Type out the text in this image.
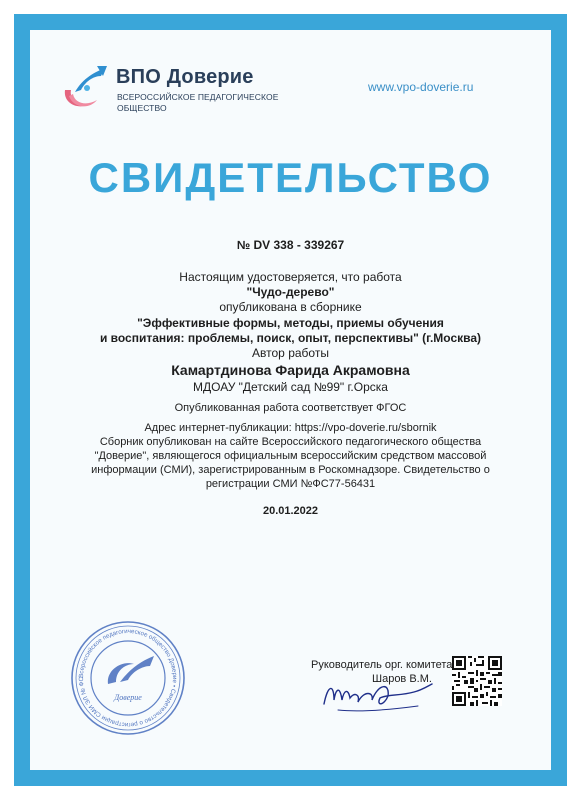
ВПО Доверие
ВСЕРОССИЙСКОЕ ПЕДАГОГИЧЕСКОЕ ОБЩЕСТВО
www.vpo-doverie.ru
СВИДЕТЕЛЬСТВО
№ DV 338 - 339267
Настоящим удостоверяется, что работа
"Чудо-дерево"
опубликована в сборнике
"Эффективные формы, методы, приемы обучения
и воспитания: проблемы, поиск, опыт, перспективы" (г.Москва)
Автор работы
Камартдинова Фарида Акрамовна
МДОАУ "Детский сад №99" г.Орска
Опубликованная работа соответствует ФГОС
Адрес интернет-публикации: https://vpo-doverie.ru/sbornik
Сборник опубликован на сайте Всероссийского педагогического общества
"Доверие", являющегося официальным всероссийским средством массовой
информации (СМИ), зарегистрированным в Роскомнадзоре. Свидетельство о
регистрации СМИ №ФС77-56431
20.01.2022
Всероссийское педагогическое общество Доверие • Свидетельство о регистрации СМИ ЭЛ № ФС
Доверие
Руководитель орг. комитета
Шаров В.М.
